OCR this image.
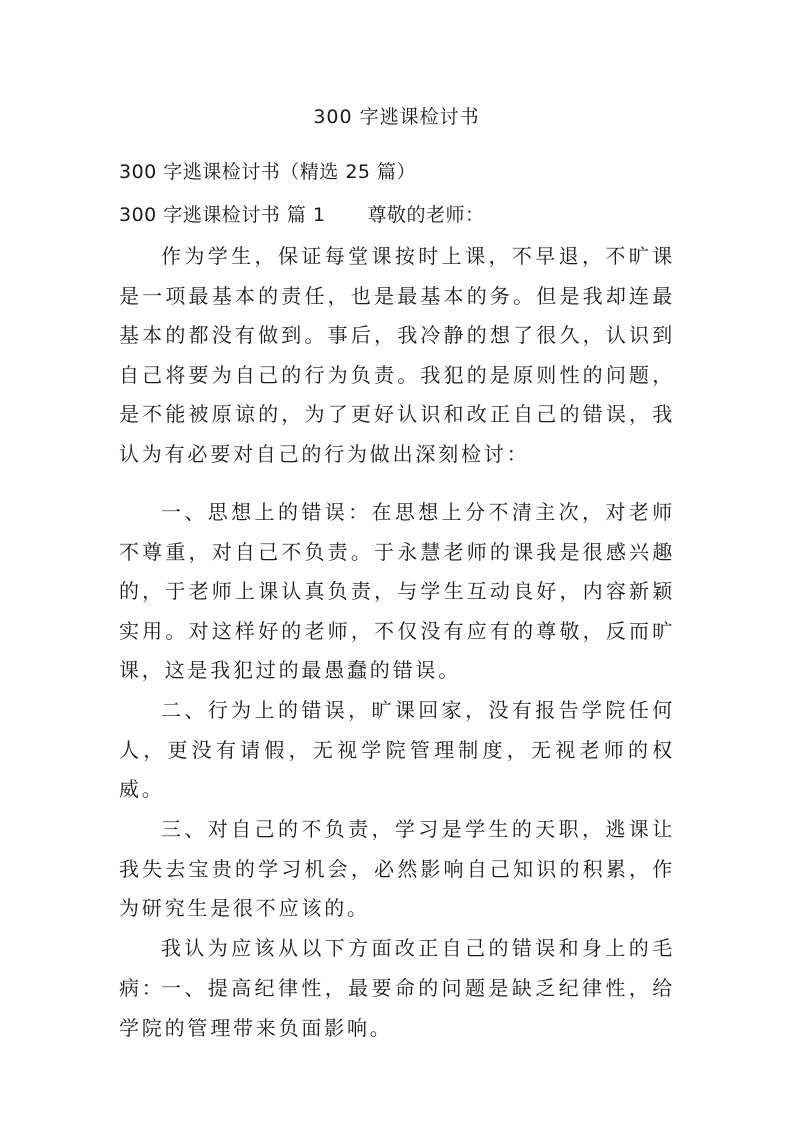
300 字逃课检讨书
300 字逃课检讨书（精选 25 篇）
300 字逃课检讨书 篇 1 尊敬的老师：
作为学生，保证每堂课按时上课，不早退，不旷课是一项最基本的责任，也是最基本的务。但是我却连最基本的都没有做到。事后，我冷静的想了很久，认识到自己将要为自己的行为负责。我犯的是原则性的问题，是不能被原谅的，为了更好认识和改正自己的错误，我认为有必要对自己的行为做出深刻检讨：
一、思想上的错误：在思想上分不清主次，对老师不尊重，对自己不负责。于永慧老师的课我是很感兴趣的，于老师上课认真负责，与学生互动良好，内容新颖实用。对这样好的老师，不仅没有应有的尊敬，反而旷课，这是我犯过的最愚蠢的错误。
二、行为上的错误，旷课回家，没有报告学院任何人，更没有请假，无视学院管理制度，无视老师的权威。
三、对自己的不负责，学习是学生的天职，逃课让我失去宝贵的学习机会，必然影响自己知识的积累，作为研究生是很不应该的。
我认为应该从以下方面改正自己的错误和身上的毛病：
一、提高纪律性，最要命的问题是缺乏纪律性，给学院的管理带来负面影响。
